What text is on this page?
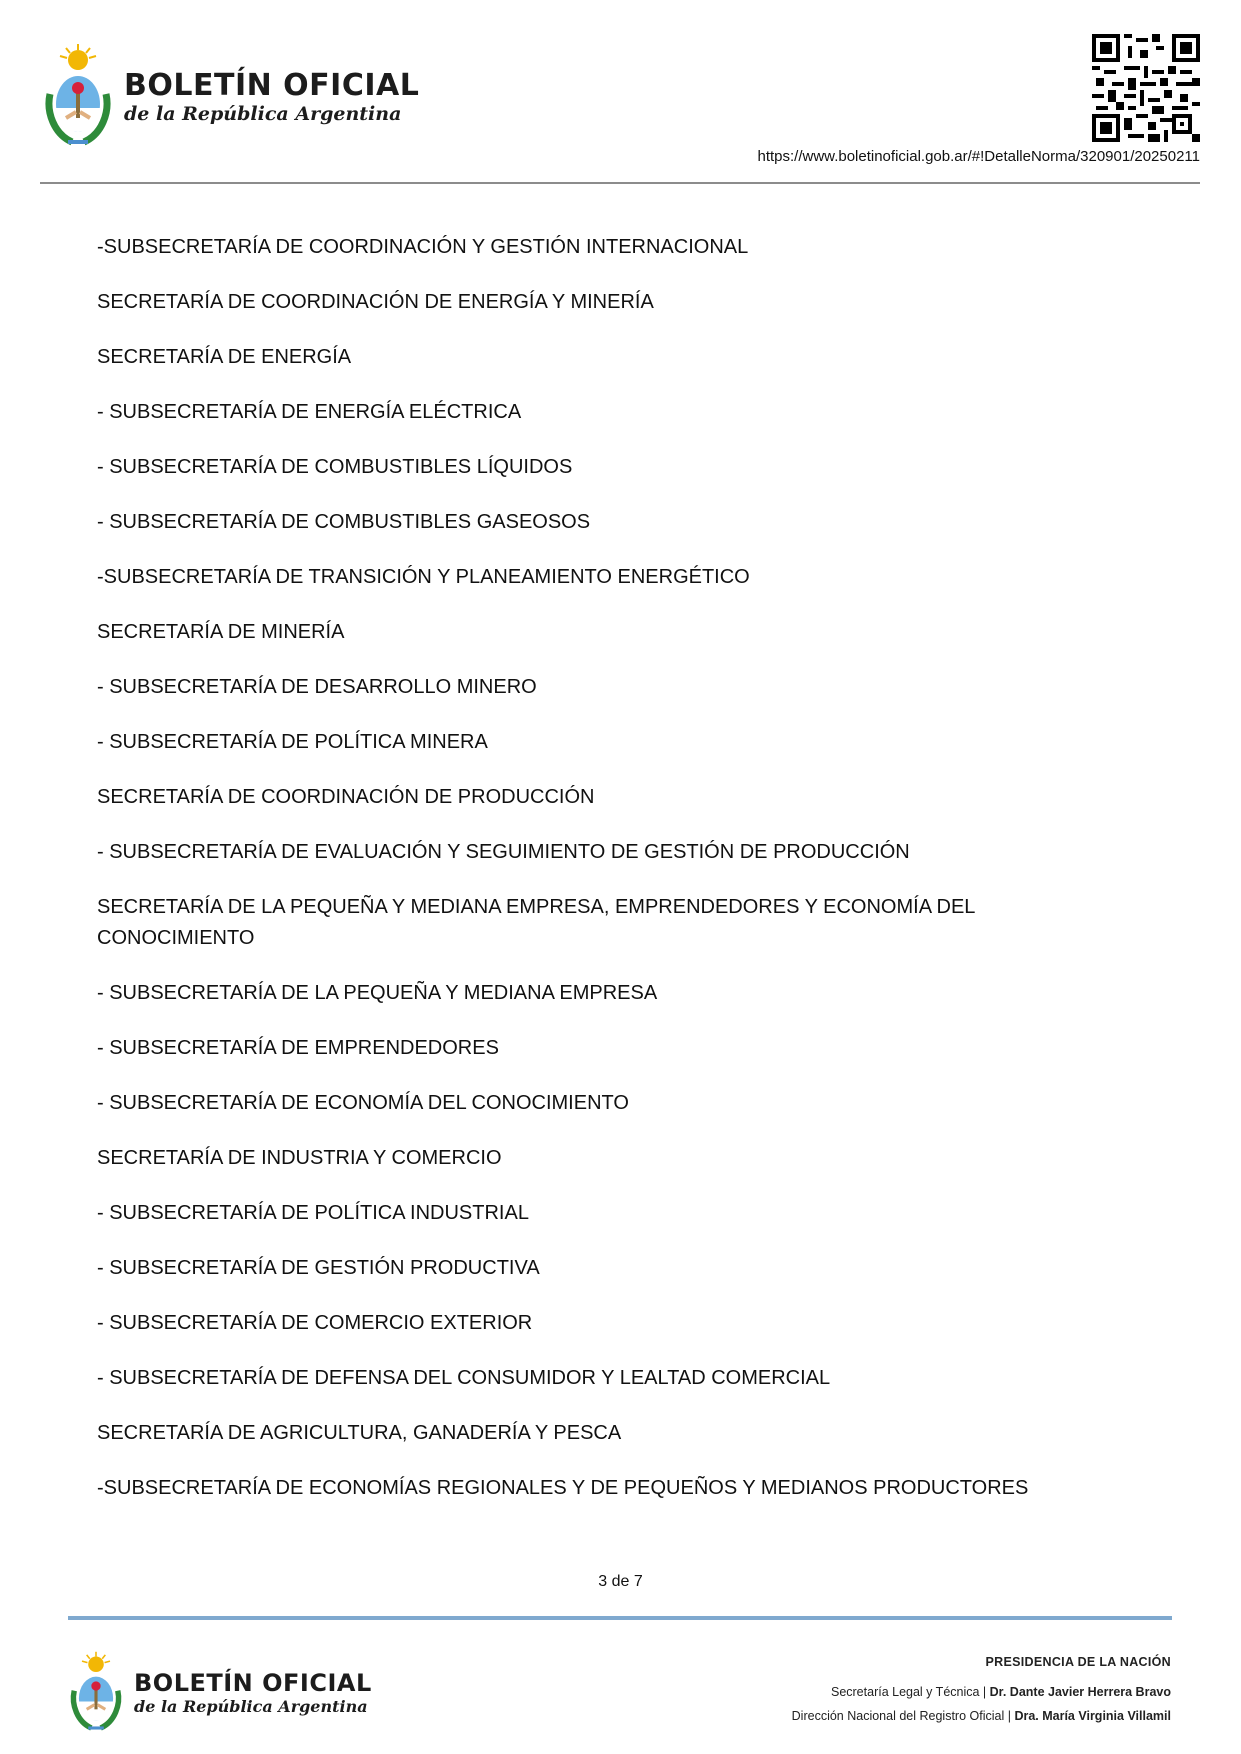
BOLETÍN OFICIAL
de la República Argentina
https://www.boletinoficial.gob.ar/#!DetalleNorma/320901/20250211

-SUBSECRETARÍA DE COORDINACIÓN Y GESTIÓN INTERNACIONAL

SECRETARÍA DE COORDINACIÓN DE ENERGÍA Y MINERÍA

SECRETARÍA DE ENERGÍA

- SUBSECRETARÍA DE ENERGÍA ELÉCTRICA

- SUBSECRETARÍA DE COMBUSTIBLES LÍQUIDOS

- SUBSECRETARÍA DE COMBUSTIBLES GASEOSOS

-SUBSECRETARÍA DE TRANSICIÓN Y PLANEAMIENTO ENERGÉTICO

SECRETARÍA DE MINERÍA

- SUBSECRETARÍA DE DESARROLLO MINERO

- SUBSECRETARÍA DE POLÍTICA MINERA

SECRETARÍA DE COORDINACIÓN DE PRODUCCIÓN

- SUBSECRETARÍA DE EVALUACIÓN Y SEGUIMIENTO DE GESTIÓN DE PRODUCCIÓN

SECRETARÍA DE LA PEQUEÑA Y MEDIANA EMPRESA, EMPRENDEDORES Y ECONOMÍA DEL CONOCIMIENTO

- SUBSECRETARÍA DE LA PEQUEÑA Y MEDIANA EMPRESA

- SUBSECRETARÍA DE EMPRENDEDORES

- SUBSECRETARÍA DE ECONOMÍA DEL CONOCIMIENTO

SECRETARÍA DE INDUSTRIA Y COMERCIO

- SUBSECRETARÍA DE POLÍTICA INDUSTRIAL

- SUBSECRETARÍA DE GESTIÓN PRODUCTIVA

- SUBSECRETARÍA DE COMERCIO EXTERIOR

- SUBSECRETARÍA DE DEFENSA DEL CONSUMIDOR Y LEALTAD COMERCIAL

SECRETARÍA DE AGRICULTURA, GANADERÍA Y PESCA

-SUBSECRETARÍA DE ECONOMÍAS REGIONALES Y DE PEQUEÑOS Y MEDIANOS PRODUCTORES

3 de 7
BOLETÍN OFICIAL
de la República Argentina
PRESIDENCIA DE LA NACIÓN
Secretaría Legal y Técnica | Dr. Dante Javier Herrera Bravo
Dirección Nacional del Registro Oficial | Dra. María Virginia Villamil
